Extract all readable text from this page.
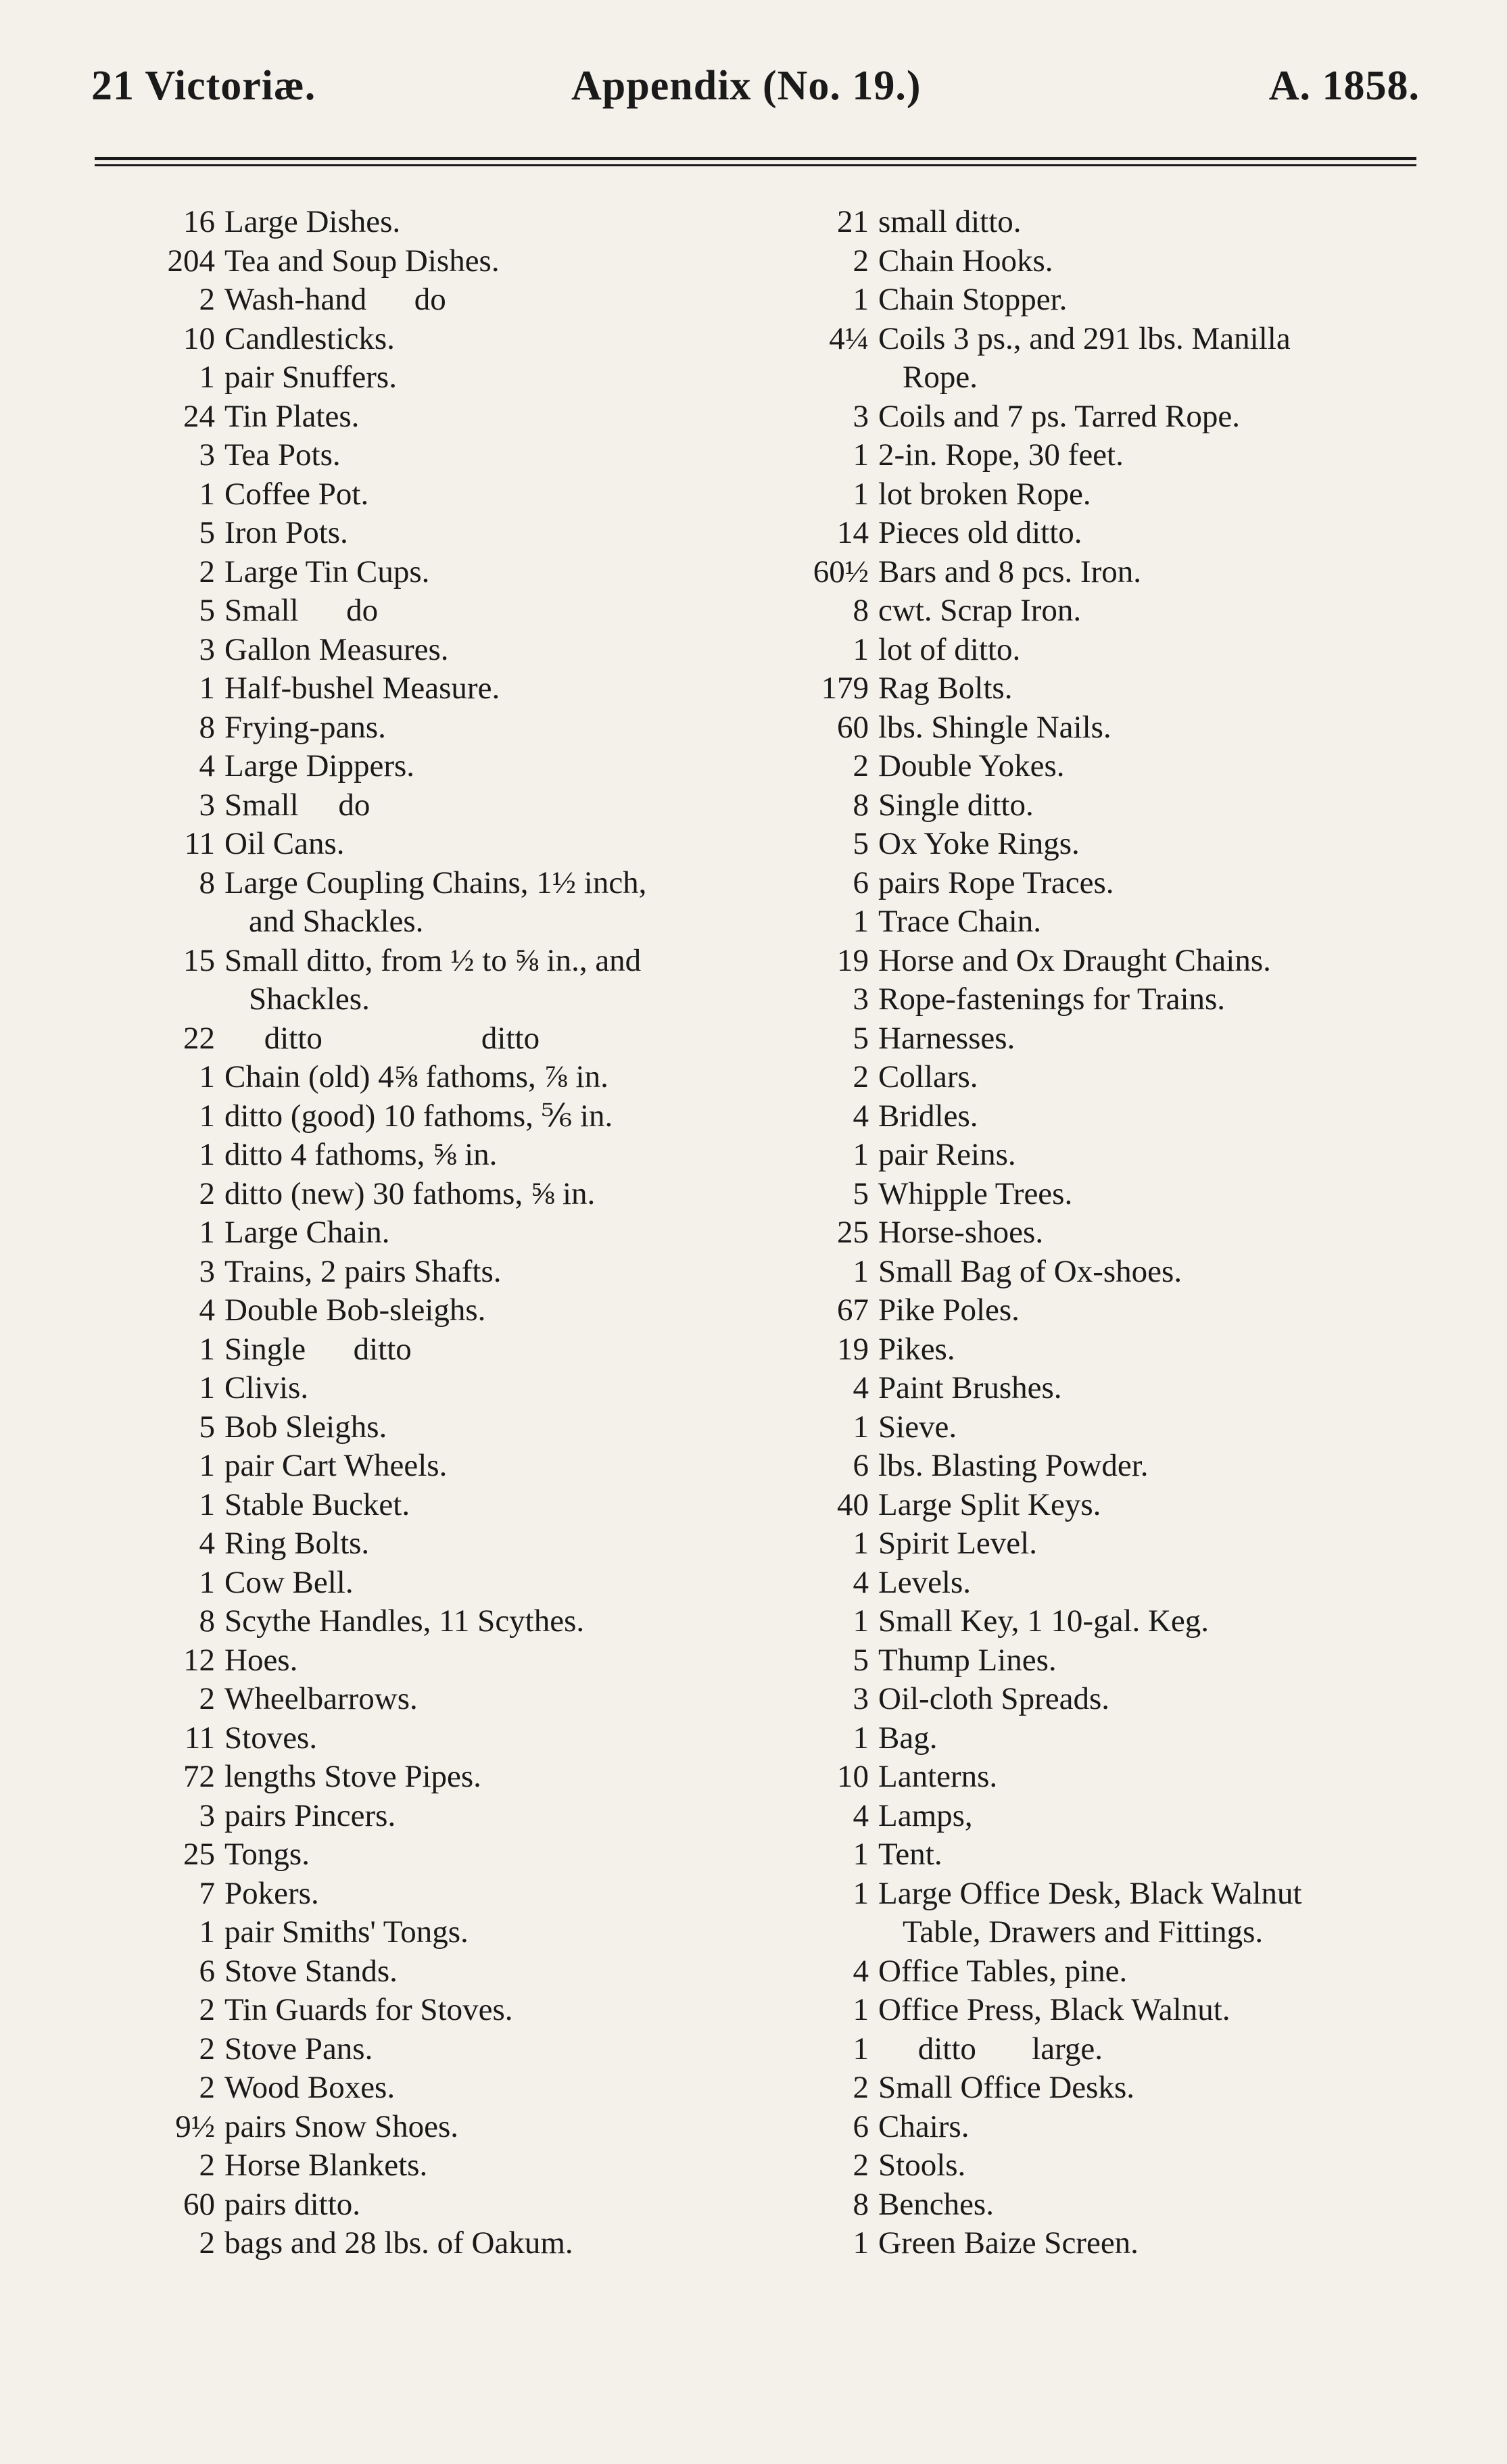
21 Victoriæ.	Appendix (No. 19.)	A. 1858.
16 Large Dishes.
204 Tea and Soup Dishes.
2 Wash-hand      do
10 Candlesticks.
1 pair Snuffers.
24 Tin Plates.
3 Tea Pots.
1 Coffee Pot.
5 Iron Pots.
2 Large Tin Cups.
5 Small      do
3 Gallon Measures.
1 Half-bushel Measure.
8 Frying-pans.
4 Large Dippers.
3 Small     do
11 Oil Cans.
8 Large Coupling Chains, 1½ inch,
and Shackles.
15 Small ditto, from ½ to ⅝ in., and
Shackles.
22 ditto                    ditto
1 Chain (old) 4⅝ fathoms, ⅞ in.
1 ditto (good) 10 fathoms, ⅚ in.
1 ditto 4 fathoms, ⅝ in.
2 ditto (new) 30 fathoms, ⅝ in.
1 Large Chain.
3 Trains, 2 pairs Shafts.
4 Double Bob-sleighs.
1 Single      ditto
1 Clivis.
5 Bob Sleighs.
1 pair Cart Wheels.
1 Stable Bucket.
4 Ring Bolts.
1 Cow Bell.
8 Scythe Handles, 11 Scythes.
12 Hoes.
2 Wheelbarrows.
11 Stoves.
72 lengths Stove Pipes.
3 pairs Pincers.
25 Tongs.
7 Pokers.
1 pair Smiths' Tongs.
6 Stove Stands.
2 Tin Guards for Stoves.
2 Stove Pans.
2 Wood Boxes.
9½ pairs Snow Shoes.
2 Horse Blankets.
60 pairs ditto.
2 bags and 28 lbs. of Oakum.
21 small ditto.
2 Chain Hooks.
1 Chain Stopper.
4¼ Coils 3 ps., and 291 lbs. Manilla
Rope.
3 Coils and 7 ps. Tarred Rope.
1 2-in. Rope, 30 feet.
1 lot broken Rope.
14 Pieces old ditto.
60½ Bars and 8 pcs. Iron.
8 cwt. Scrap Iron.
1 lot of ditto.
179 Rag Bolts.
60 lbs. Shingle Nails.
2 Double Yokes.
8 Single ditto.
5 Ox Yoke Rings.
6 pairs Rope Traces.
1 Trace Chain.
19 Horse and Ox Draught Chains.
3 Rope-fastenings for Trains.
5 Harnesses.
2 Collars.
4 Bridles.
1 pair Reins.
5 Whipple Trees.
25 Horse-shoes.
1 Small Bag of Ox-shoes.
67 Pike Poles.
19 Pikes.
4 Paint Brushes.
1 Sieve.
6 lbs. Blasting Powder.
40 Large Split Keys.
1 Spirit Level.
4 Levels.
1 Small Key, 1 10-gal. Keg.
5 Thump Lines.
3 Oil-cloth Spreads.
1 Bag.
10 Lanterns.
4 Lamps,
1 Tent.
1 Large Office Desk, Black Walnut
Table, Drawers and Fittings.
4 Office Tables, pine.
1 Office Press, Black Walnut.
1 ditto       large.
2 Small Office Desks.
6 Chairs.
2 Stools.
8 Benches.
1 Green Baize Screen.
